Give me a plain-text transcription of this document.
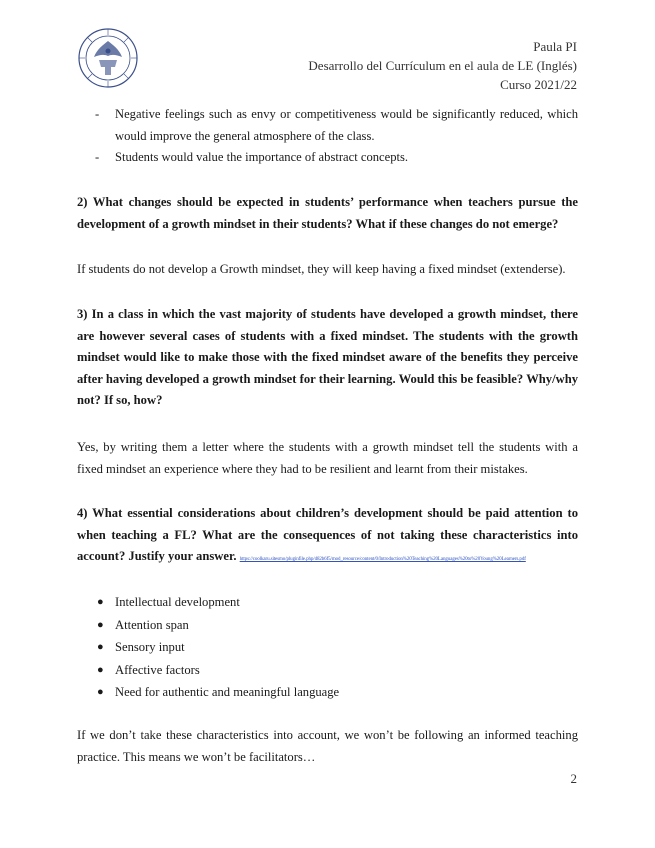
Paula PI
Desarrollo del Currículum en el aula de LE (Inglés)
Curso 2021/22
- Negative feelings such as envy or competitiveness would be significantly reduced, which would improve the general atmosphere of the class.
- Students would value the importance of abstract concepts.

2) What changes should be expected in students’ performance when teachers pursue the development of a growth mindset in their students? What if these changes do not emerge?

If students do not develop a Growth mindset, they will keep having a fixed mindset (extenderse).

3) In a class in which the vast majority of students have developed a growth mindset, there are however several cases of students with a fixed mindset. The students with the growth mindset would like to make those with the fixed mindset aware of the benefits they perceive after having developed a growth mindset for their learning. Would this be feasible? Why/why not? If so, how?

Yes, by writing them a letter where the students with a growth mindset tell the students with a fixed mindset an experience where they had to be resilient and learnt from their mistakes.

4) What essential considerations about children’s development should be paid attention to when teaching a FL? What are the consequences of not taking these characteristics into account? Justify your answer. https://coolkaru.sitesmo/pluginfile.php/d82b6f5/mod_resource/content/0/Introduction%20Teaching%20Languages%20to%20Young%20Learners.pdf

● Intellectual development
● Attention span
● Sensory input
● Affective factors
● Need for authentic and meaningful language

If we don’t take these characteristics into account, we won’t be following an informed teaching practice. This means we won’t be facilitators…

2
